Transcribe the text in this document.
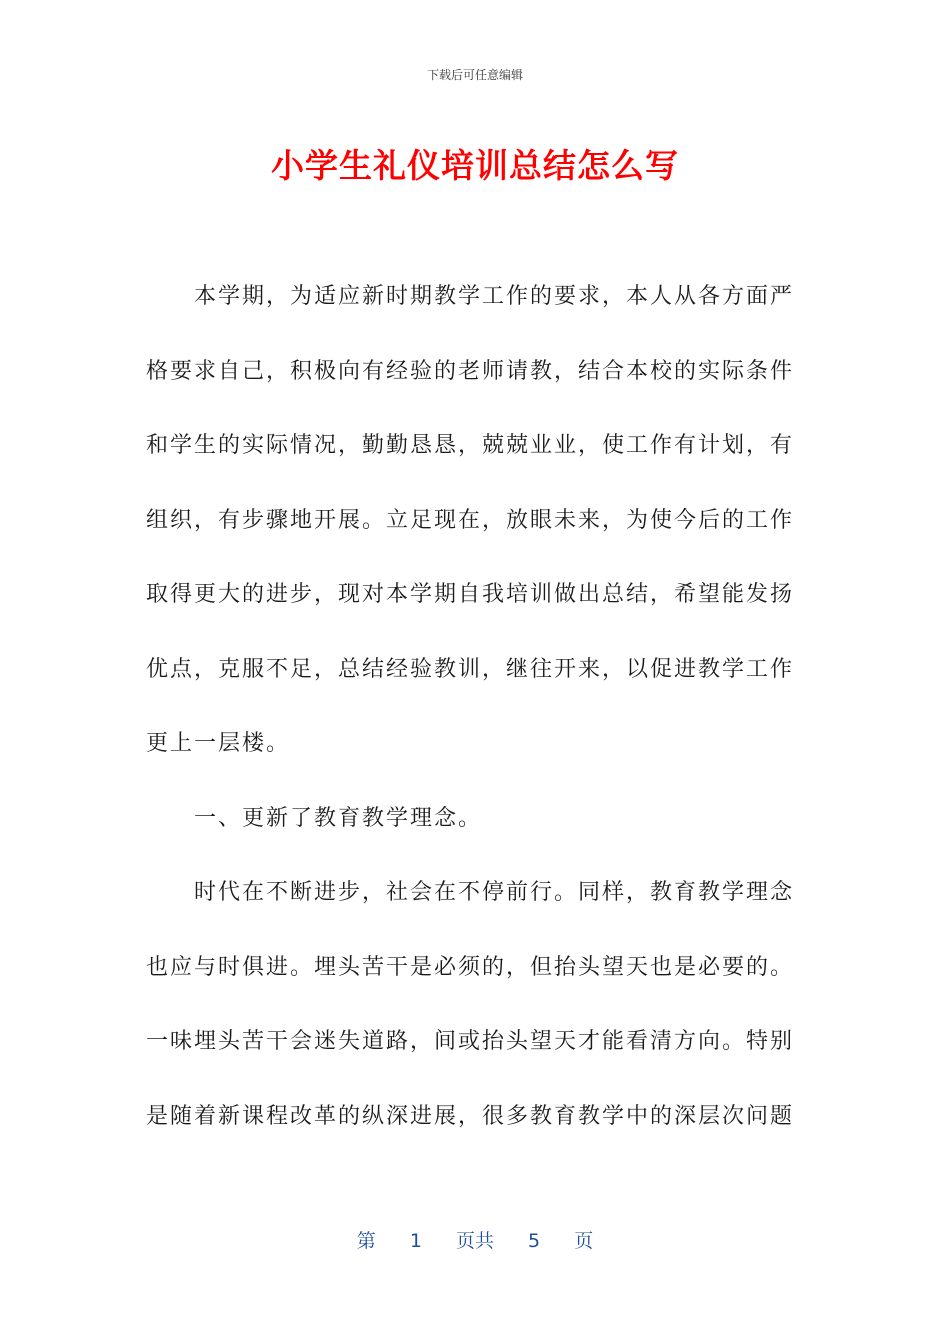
下载后可任意编辑
小学生礼仪培训总结怎么写
本学期，为适应新时期教学工作的要求，本人从各方面严
格要求自己，积极向有经验的老师请教，结合本校的实际条件
和学生的实际情况，勤勤恳恳，兢兢业业，使工作有计划，有
组织，有步骤地开展。立足现在，放眼未来，为使今后的工作
取得更大的进步，现对本学期自我培训做出总结，希望能发扬
优点，克服不足，总结经验教训，继往开来，以促进教学工作
更上一层楼。
一、更新了教育教学理念。
时代在不断进步，社会在不停前行。同样，教育教学理念
也应与时俱进。埋头苦干是必须的，但抬头望天也是必要的。
一味埋头苦干会迷失道路，间或抬头望天才能看清方向。特别
是随着新课程改革的纵深进展，很多教育教学中的深层次问题
第 1 页共 5 页
